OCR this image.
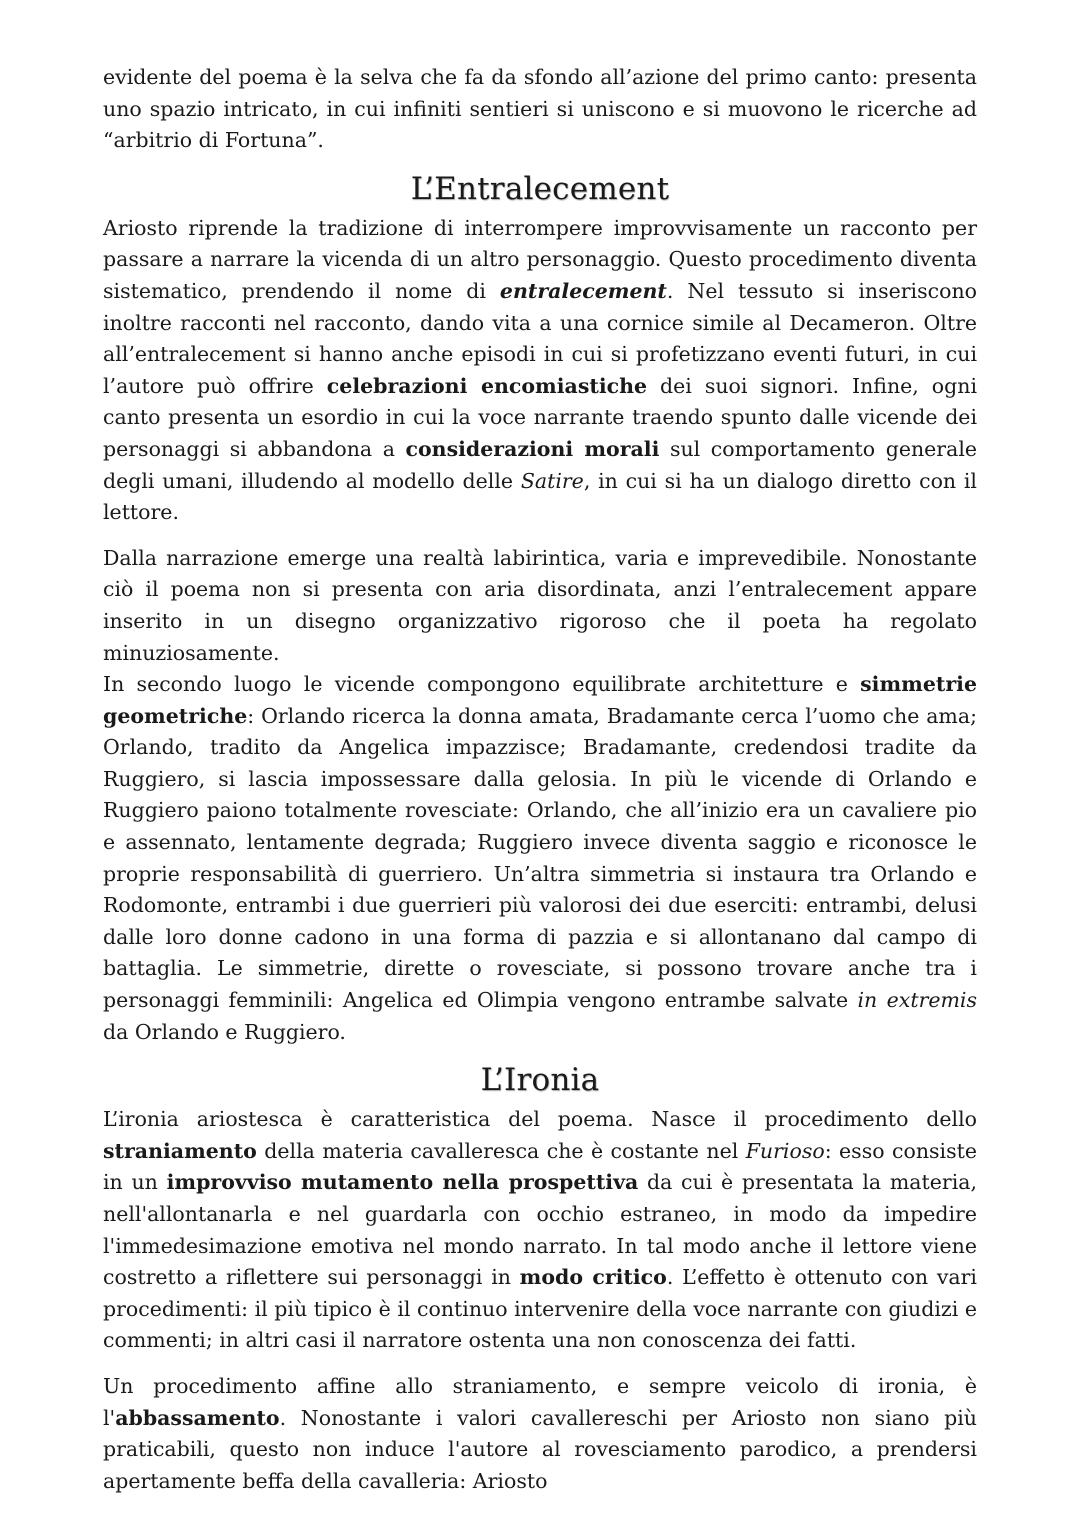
evidente del poema è la selva che fa da sfondo all’azione del primo canto: presenta uno spazio intricato, in cui infiniti sentieri si uniscono e si muovono le ricerche ad “arbitrio di Fortuna”.

L’Entralecement

Ariosto riprende la tradizione di interrompere improvvisamente un racconto per passare a narrare la vicenda di un altro personaggio. Questo procedimento diventa sistematico, prendendo il nome di entralecement. Nel tessuto si inseriscono inoltre racconti nel racconto, dando vita a una cornice simile al Decameron. Oltre all’entralecement si hanno anche episodi in cui si profetizzano eventi futuri, in cui l’autore può offrire celebrazioni encomiastiche dei suoi signori. Infine, ogni canto presenta un esordio in cui la voce narrante traendo spunto dalle vicende dei personaggi si abbandona a considerazioni morali sul comportamento generale degli umani, illudendo al modello delle Satire, in cui si ha un dialogo diretto con il lettore.

Dalla narrazione emerge una realtà labirintica, varia e imprevedibile. Nonostante ciò il poema non si presenta con aria disordinata, anzi l’entralecement appare inserito in un disegno organizzativo rigoroso che il poeta ha regolato minuziosamente.

In secondo luogo le vicende compongono equilibrate architetture e simmetrie geometriche: Orlando ricerca la donna amata, Bradamante cerca l’uomo che ama; Orlando, tradito da Angelica impazzisce; Bradamante, credendosi tradite da Ruggiero, si lascia impossessare dalla gelosia. In più le vicende di Orlando e Ruggiero paiono totalmente rovesciate: Orlando, che all’inizio era un cavaliere pio e assennato, lentamente degrada; Ruggiero invece diventa saggio e riconosce le proprie responsabilità di guerriero. Un’altra simmetria si instaura tra Orlando e Rodomonte, entrambi i due guerrieri più valorosi dei due eserciti: entrambi, delusi dalle loro donne cadono in una forma di pazzia e si allontanano dal campo di battaglia. Le simmetrie, dirette o rovesciate, si possono trovare anche tra i personaggi femminili: Angelica ed Olimpia vengono entrambe salvate in extremis da Orlando e Ruggiero.

L’Ironia

L’ironia ariostesca è caratteristica del poema. Nasce il procedimento dello straniamento della materia cavalleresca che è costante nel Furioso: esso consiste in un improvviso mutamento nella prospettiva da cui è presentata la materia, nell'allontanarla e nel guardarla con occhio estraneo, in modo da impedire l'immedesimazione emotiva nel mondo narrato. In tal modo anche il lettore viene costretto a riflettere sui personaggi in modo critico. L’effetto è ottenuto con vari procedimenti: il più tipico è il continuo intervenire della voce narrante con giudizi e commenti; in altri casi il narratore ostenta una non conoscenza dei fatti.

Un procedimento affine allo straniamento, e sempre veicolo di ironia, è l'abbassamento. Nonostante i valori cavallereschi per Ariosto non siano più praticabili, questo non induce l'autore al rovesciamento parodico, a prendersi apertamente beffa della cavalleria: Ariosto
